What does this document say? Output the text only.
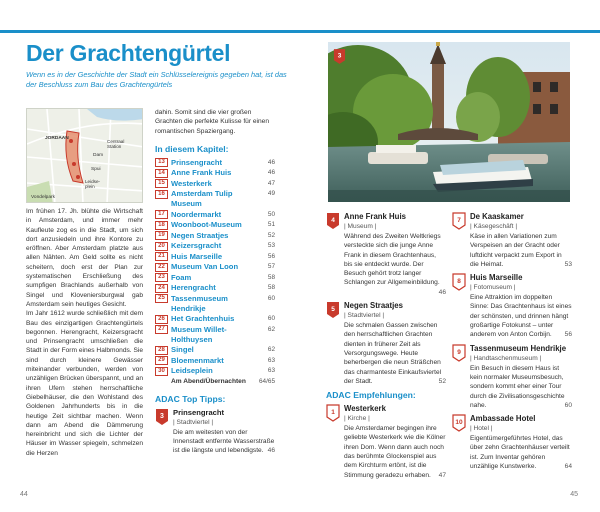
Der Grachtengürtel
Wenn es in der Geschichte der Stadt ein Schlüsselereignis gegeben hat, ist das der Beschluss zum Bau des Grachtengürtels
JORDAAN
Dam
Centraal Station
Spui
Leidse-plein
Vondelpark
Im frühen 17. Jh. blühte die Wirtschaft in Amsterdam, und immer mehr Kaufleute zog es in die Stadt, um sich dort anzusiedeln und ihre Kontore zu eröffnen. Aber Amsterdam platzte aus allen Nähten. Am Geld sollte es nicht scheitern, doch erst der Plan zur systematischen Erschließung des sumpfigen Brachlands außerhalb von Singel und Kloveniersburgwal gab Amsterdam sein heutiges Gesicht.
Im Jahr 1612 wurde schließlich mit dem Bau des einzigartigen Grachtengürtels begonnen. Herengracht, Keizersgracht und Prinsengracht umschließen die Stadt in der Form eines Halbmonds. Sie sind durch kleinere Gewässer miteinander verbunden, werden von unzähligen Brücken überspannt, und an ihren Ufern stehen herrschaftliche Giebelhäuser, die den Wohlstand des Goldenen Jahrhunderts bis in die heutige Zeit sichtbar machen. Wenn dann am Abend die Dämmerung hereinbricht und sich die Lichter der Häuser im Wasser spiegeln, schmelzen die Herzen
dahin. Somit sind die vier großen Grachten die perfekte Kulisse für einen romantischen Spaziergang.
In diesem Kapitel:
13 Prinsengracht	46
14 Anne Frank Huis	46
15 Westerkerk	47
16 Amsterdam Tulip Museum
49
17 Noordermarkt	50
18 Woonboot-Museum	51
19 Negen Straatjes	52
20 Keizersgracht	53
21 Huis Marseille	56
22 Museum Van Loon	57
23 Foam	58
24 Herengracht	58
25 Tassenmuseum Hendrikje
60
26 Het Grachtenhuis	60
27 Museum Willet-Holthuysen
62
28 Singel	62
29 Bloemenmarkt	63
30 Leidseplein	63
Am Abend/Übernachten	64/65
ADAC Top Tipps:
3 Prinsengracht
| Stadtviertel |
Die am weitesten von der Innenstadt entfernte Wasserstraße ist die längste und lebendigste. 46
44
3
4 Anne Frank Huis
| Museum |
Während des Zweiten Weltkriegs versteckte sich die junge Anne Frank in diesem Grachtenhaus, bis sie entdeckt wurde. Der Besuch gehört trotz langer Schlangen zur Allgemeinbildung.
46
5 Negen Straatjes
| Stadtviertel |
Die schmalen Gassen zwischen den herrschaftlichen Grachten dienten in früherer Zeit als Versorgungswege. Heute beherbergen die neun Sträßchen das charmanteste Einkaufsviertel der Stadt.	52
ADAC Empfehlungen:
1 Westerkerk
| Kirche |
Die Amsterdamer begingen ihre geliebte Westerkerk wie die Kölner ihren Dom. Wenn dann auch noch das berühmte Glockenspiel aus dem Kirchturm ertönt, ist die Stimmung geradezu erhaben. 47
7 De Kaaskamer
| Käsegeschäft |
Käse in allen Variationen zum Verspeisen an der Gracht oder luftdicht verpackt zum Export in die Heimat.	53
8 Huis Marseille
| Fotomuseum |
Eine Attraktion im doppelten Sinne: Das Grachtenhaus ist eines der schönsten, und drinnen hängt großartige Fotokunst – unter anderem von Anton Corbijn. 56
9 Tassenmuseum Hendrikje
| Handtaschenmuseum |
Ein Besuch in diesem Haus ist kein normaler Museumsbesuch, sondern kommt eher einer Tour durch die Zivilisationsgeschichte nahe.	60
10 Ambassade Hotel
| Hotel |
Eigentümergeführtes Hotel, das über zehn Grachtenhäuser verteilt ist. Zum Inventar gehören unzählige Kunstwerke.	64
45
